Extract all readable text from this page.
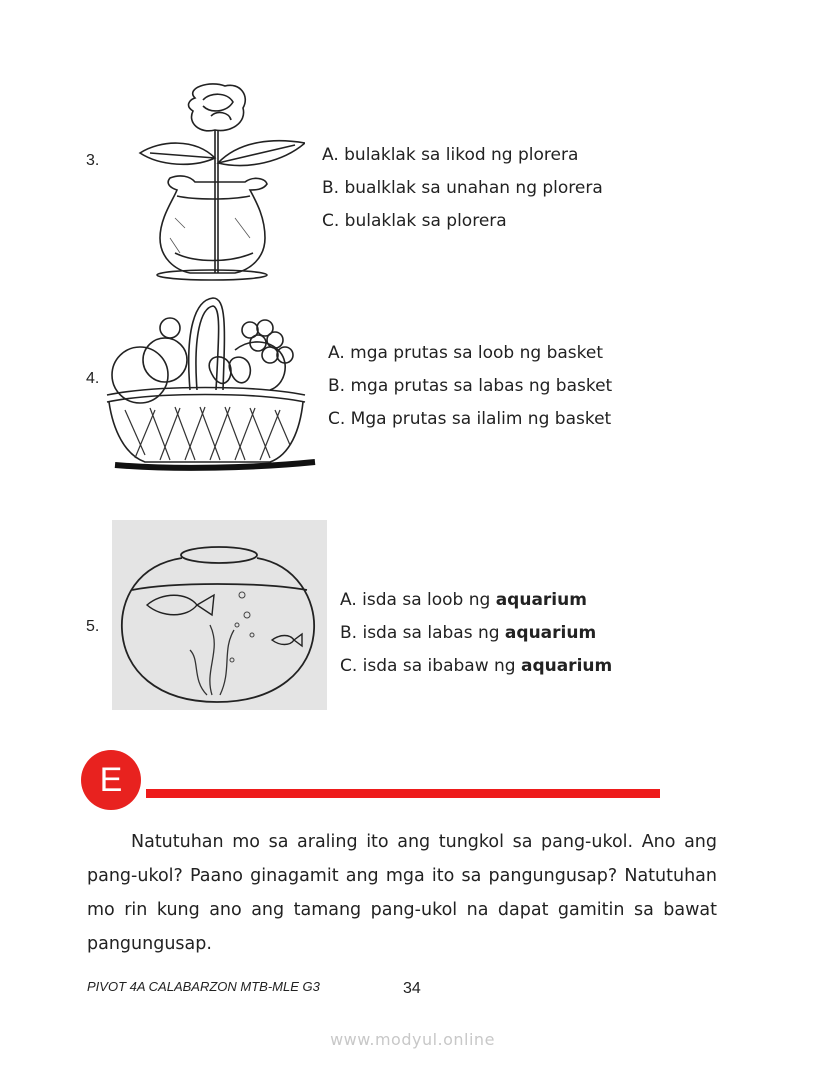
3.	A. bulaklak sa likod ng plorera
B. bualklak sa unahan ng plorera
C. bulaklak sa plorera
4.
A. mga prutas sa loob ng basket
B. mga prutas sa labas ng basket
C. Mga prutas sa ilalim ng basket
5.
A. isda sa loob ng aquarium
B. isda sa labas ng aquarium
C. isda sa ibabaw ng aquarium
E
Natutuhan mo sa araling ito ang tungkol sa pang-ukol. Ano ang pang-ukol? Paano ginagamit ang mga ito sa pangungusap? Natutuhan mo rin kung ano ang tamang pang-ukol na dapat gamitin sa bawat pangungusap.
PIVOT 4A CALABARZON MTB-MLE G3	34
www.modyul.online
